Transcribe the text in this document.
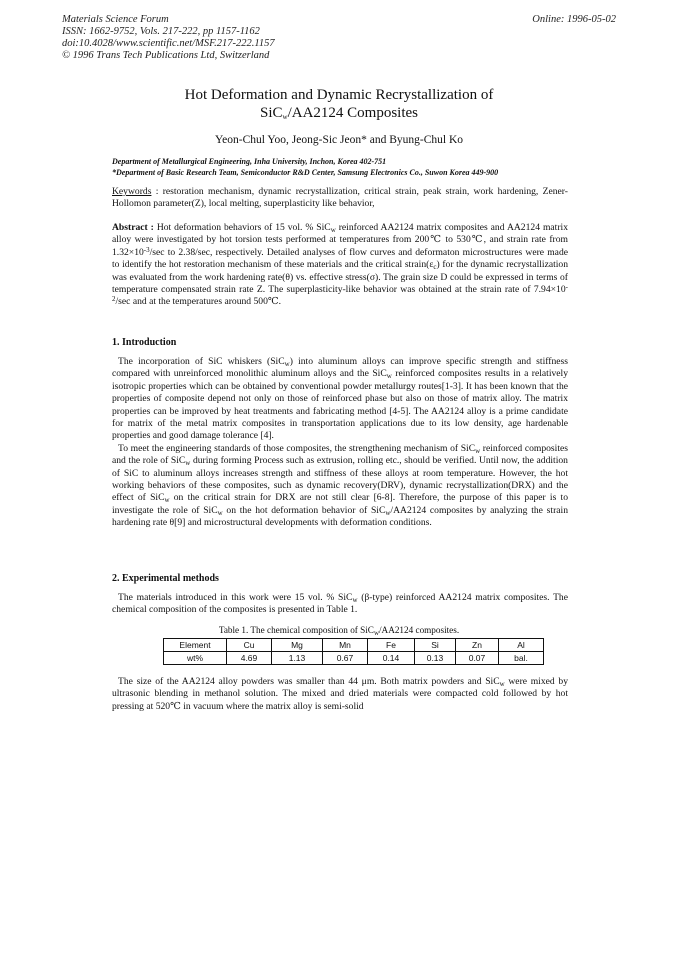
Materials Science Forum
ISSN: 1662-9752, Vols. 217-222, pp 1157-1162
doi:10.4028/www.scientific.net/MSF.217-222.1157
© 1996 Trans Tech Publications Ltd, Switzerland
Online: 1996-05-02
Hot Deformation and Dynamic Recrystallization of
SiC$_w$/AA2124 Composites
Yeon-Chul Yoo, Jeong-Sic Jeon* and Byung-Chul Ko
Department of Metallurgical Engineering, Inha University, Inchon, Korea 402-751
*Department of Basic Research Team, Semiconductor R&D Center, Samsung Electronics Co., Suwon Korea 449-900
Keywords : restoration mechanism, dynamic recrystallization, critical strain, peak strain, work hardening, Zener-Hollomon parameter(Z), local melting, superplasticity like behavior,
Abstract : Hot deformation behaviors of 15 vol. % SiC$_w$ reinforced AA2124 matrix composites and AA2124 matrix alloy were investigated by hot torsion tests performed at temperatures from 200℃ to 530℃, and strain rate from $1.32\times 10^{-3}/\sec$ to 2.38/sec, respectively. Detailed analyses of flow curves and deformaton microstructures were made to identify the hot restoration mechanism of these materials and the critical $strain(\varepsilon_c)$ for the dynamic recrystallization was evaluated from the work hardening rate(θ) vs. effective stress(σ). The grain size D could be expressed in terms of temperature compensated strain rate Z. The superplasticity-like behavior was obtained at the strain rate of $7.94\times 10^{-2}/\sec$ and at the temperatures around 500℃.
1. Introduction

The incorporation of SiC whiskers (SiC$_w$) into aluminum alloys can improve specific strength and stiffness compared with unreinforced monolithic aluminum alloys and the SiC$_w$ reinforced composites results in a relatively isotropic properties which can be obtained by conventional powder metallurgy routes[1-3]. It has been known that the properties of composite depend not only on those of reinforced phase but also on those of matrix alloy. The matrix properties can be improved by heat treatments and fabricating method [4-5]. The AA2124 alloy is a prime candidate for matrix of the metal matrix composites in transportation applications due to its low density, age hardenable properties and good damage tolerance [4].

To meet the engineering standards of those composites, the strengthening mechanism of SiC$_w$ reinforced composites and the role of SiC$_w$ during forming Process such as extrusion, rolling etc., should be verified. Until now, the addition of SiC to aluminum alloys increases strength and stiffness of these alloys at room temperature. However, the hot working behaviors of these composites, such as dynamic recovery(DRV), dynamic recrystallization(DRX) and the effect of SiC$_w$ on the critical strain for DRX are not still clear [6-8]. Therefore, the purpose of this paper is to investigate the role of SiC$_w$ on the hot deformation behavior of SiC$_w$/AA2124 composites by analyzing the strain hardening rate θ[9] and microstructural developments with deformation conditions.

2. Experimental methods

The materials introduced in this work were 15 vol. % SiC$_w$ (β-type) reinforced AA2124 matrix composites. The chemical composition of the composites is presented in Table 1.

Table 1. The chemical composition of SiC$_w$/AA2124 composites.
Element	Cu	Mg	Mn	Fe	Si	Zn	Al
wt%	4.69	1.13	0.67	0.14	0.13	0.07	bal.

The size of the AA2124 alloy powders was smaller than 44 μm. Both matrix powders and SiC$_w$ were mixed by ultrasonic blending in methanol solution. The mixed and dried materials were compacted cold followed by hot pressing at 520℃ in vacuum where the matrix alloy is semi-solid
